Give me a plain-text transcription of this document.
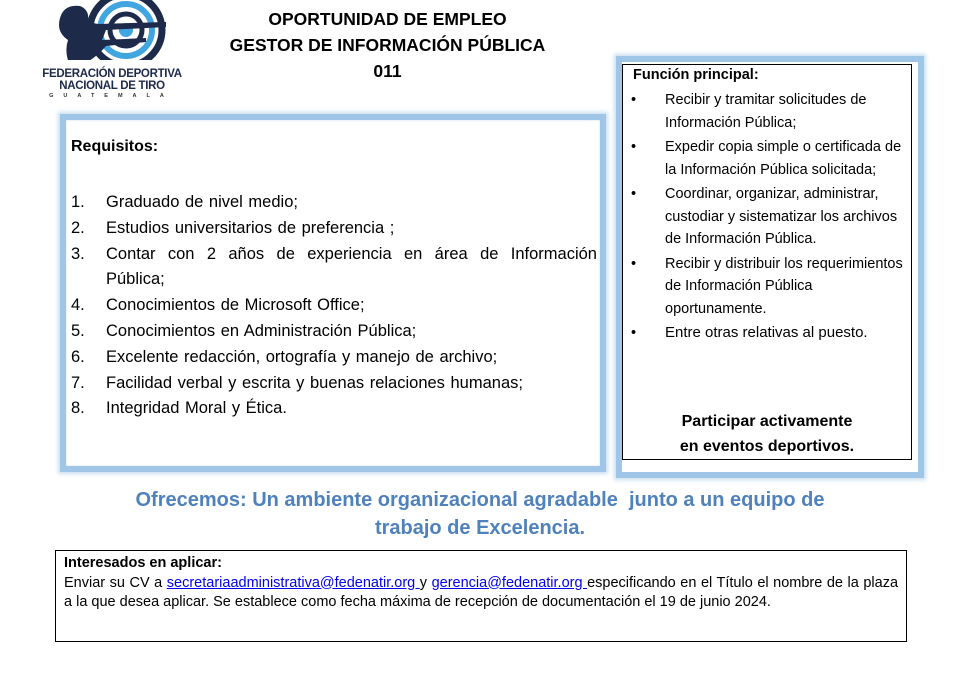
FEDERACIÓN DEPORTIVA
NACIONAL DE TIRO
GUATEMALA
OPORTUNIDAD DE EMPLEO
GESTOR DE INFORMACIÓN PÚBLICA
011
Requisitos:
1.	Graduado de nivel medio;
2.	Estudios universitarios de preferencia ;
3.	Contar con 2 años de experiencia en área de Información Pública;
4.	Conocimientos de Microsoft Office;
5.	Conocimientos en Administración Pública;
6.	Excelente redacción, ortografía y manejo de archivo;
7.	Facilidad verbal y escrita y buenas relaciones humanas;
8.	Integridad Moral y Ética.
Función principal:
•	Recibir y tramitar solicitudes de Información Pública;
•	Expedir copia simple o certificada de la Información Pública solicitada;
•	Coordinar, organizar, administrar, custodiar y sistematizar los archivos de Información Pública.
•	Recibir y distribuir los requerimientos de Información Pública oportunamente.
•	Entre otras relativas al puesto.
Participar activamente
en eventos deportivos.
Ofrecemos: Un ambiente organizacional agradable  junto a un equipo de
trabajo de Excelencia.
Interesados en aplicar:
Enviar su CV a secretariaadministrativa@fedenatir.org y gerencia@fedenatir.org especificando en el Título el nombre de la plaza a la que desea aplicar. Se establece como fecha máxima de recepción de documentación el 19 de junio 2024.
